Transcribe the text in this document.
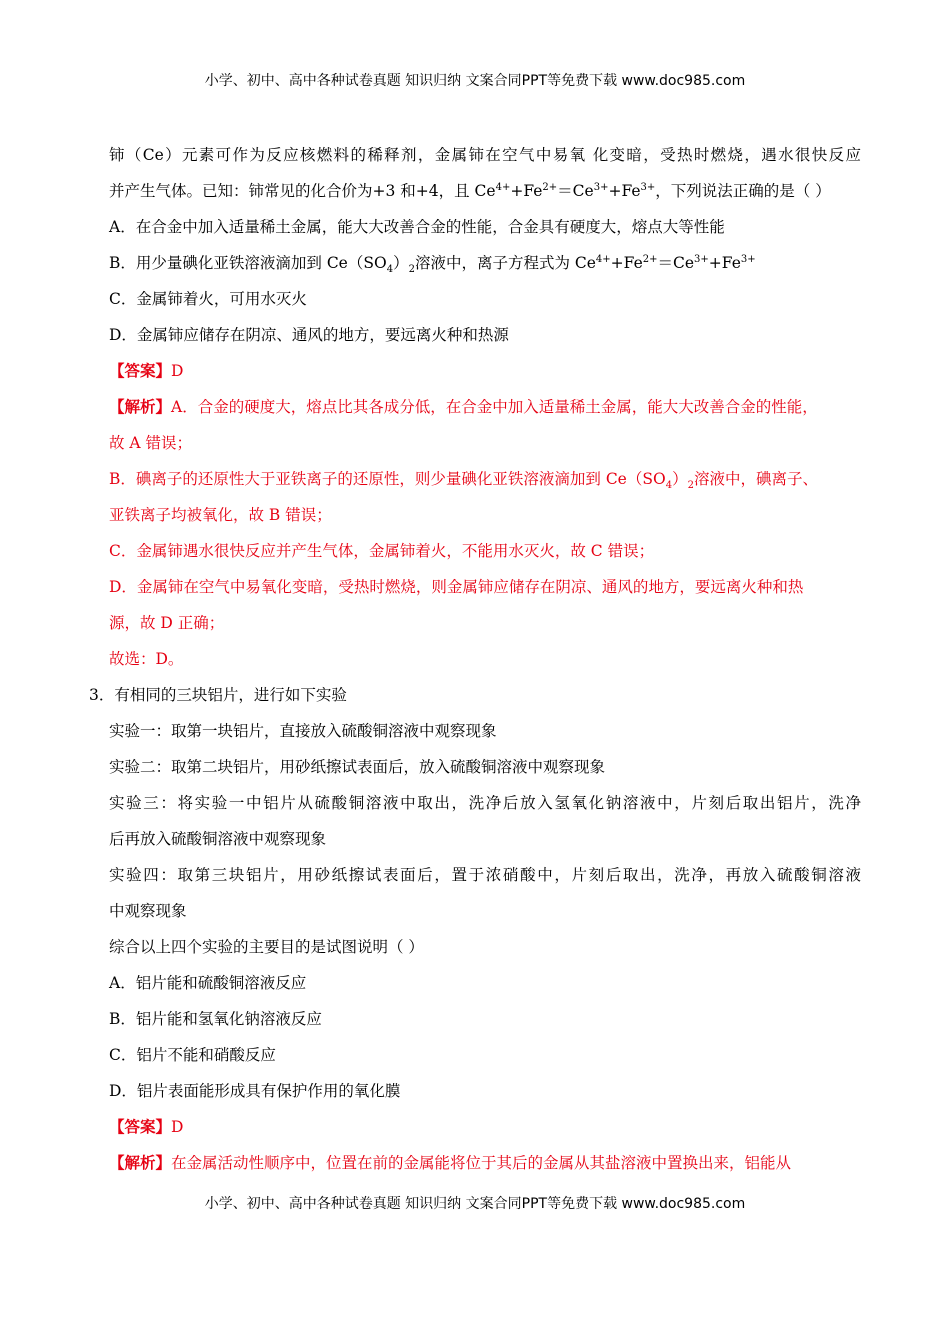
小学、初中、高中各种试卷真题 知识归纳 文案合同PPT等免费下载 www.doc985.com
铈（Ce）元素可作为反应核燃料的稀释剂，金属铈在空气中易氧 化变暗，受热时燃烧，遇水很快反应
并产生气体。已知：铈常见的化合价为+3 和+4，且 $Ce^{4+}+Fe^{2+}=Ce^{3+}+Fe^{3+}$，下列说法正确的是（ ）
A．在合金中加入适量稀土金属，能大大改善合金的性能，合金具有硬度大，熔点大等性能
B．用少量碘化亚铁溶液滴加到 $Ce(SO_4)_2$溶液中，离子方程式为 $Ce^{4+}+Fe^{2+}=Ce^{3+}+Fe^{3+}$
C．金属铈着火，可用水灭火
D．金属铈应储存在阴凉、通风的地方，要远离火种和热源
【答案】D
【解析】A．合金的硬度大，熔点比其各成分低，在合金中加入适量稀土金属，能大大改善合金的性能，
故 A 错误；
B．碘离子的还原性大于亚铁离子的还原性，则少量碘化亚铁溶液滴加到 $Ce(SO_4)_2$溶液中，碘离子、
亚铁离子均被氧化，故 B 错误；
C．金属铈遇水很快反应并产生气体，金属铈着火，不能用水灭火，故 C 错误；
D．金属铈在空气中易氧化变暗，受热时燃烧，则金属铈应储存在阴凉、通风的地方，要远离火种和热
源，故 D 正确；
故选：D。
3．有相同的三块铝片，进行如下实验
实验一：取第一块铝片，直接放入硫酸铜溶液中观察现象
实验二：取第二块铝片，用砂纸擦试表面后，放入硫酸铜溶液中观察现象
实验三：将实验一中铝片从硫酸铜溶液中取出，洗净后放入氢氧化钠溶液中，片刻后取出铝片，洗净
后再放入硫酸铜溶液中观察现象
实验四：取第三块铝片，用砂纸擦试表面后，置于浓硝酸中，片刻后取出，洗净，再放入硫酸铜溶液
中观察现象
综合以上四个实验的主要目的是试图说明（ ）
A．铝片能和硫酸铜溶液反应
B．铝片能和氢氧化钠溶液反应
C．铝片不能和硝酸反应
D．铝片表面能形成具有保护作用的氧化膜
【答案】D
【解析】在金属活动性顺序中，位置在前的金属能将位于其后的金属从其盐溶液中置换出来，铝能从
小学、初中、高中各种试卷真题 知识归纳 文案合同PPT等免费下载 www.doc985.com
